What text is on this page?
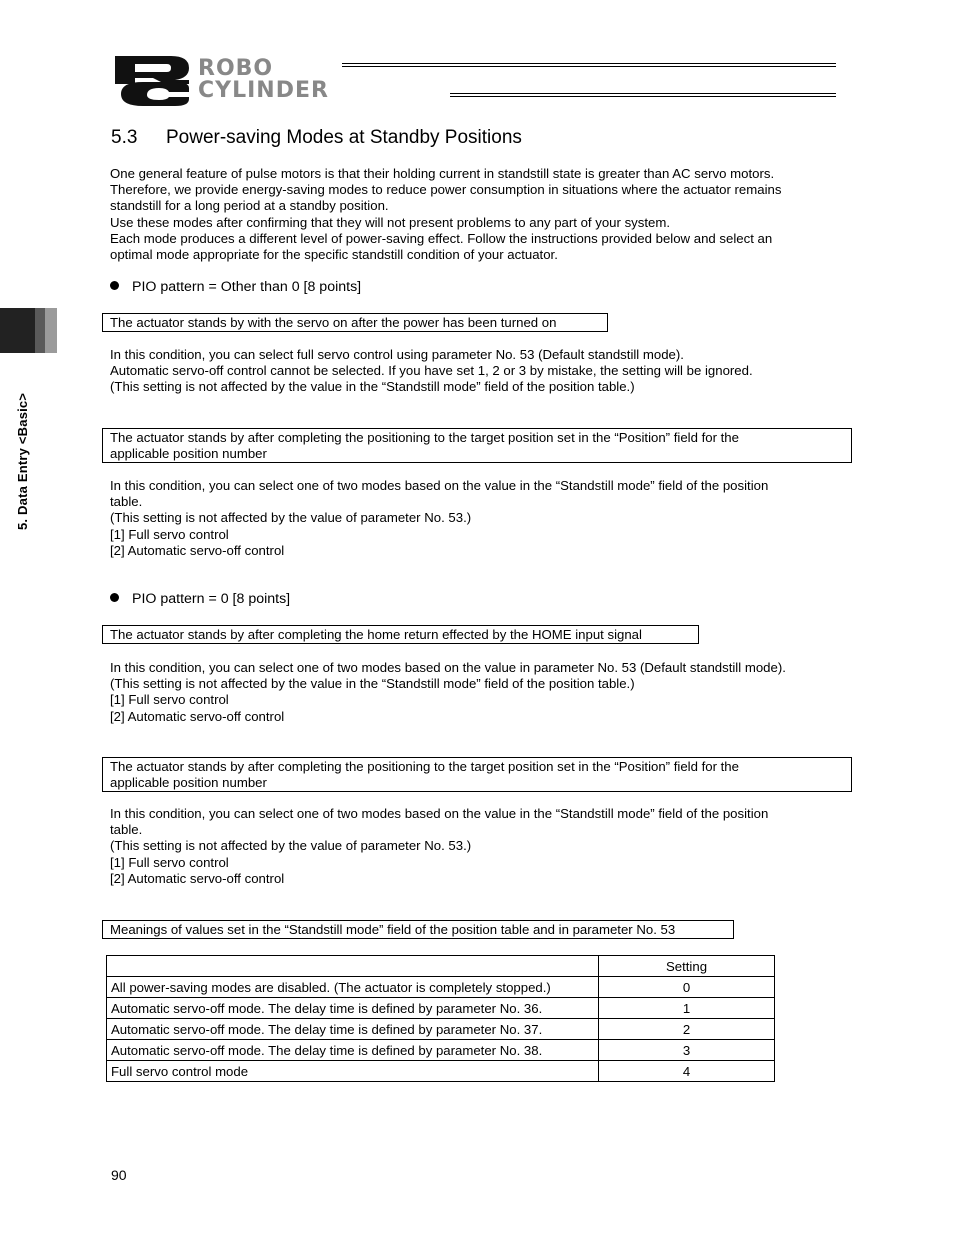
ROBO
CYLINDER
5. Data Entry <Basic>
5.3 Power-saving Modes at Standby Positions
One general feature of pulse motors is that their holding current in standstill state is greater than AC servo motors.
Therefore, we provide energy-saving modes to reduce power consumption in situations where the actuator remains
standstill for a long period at a standby position.
Use these modes after confirming that they will not present problems to any part of your system.
Each mode produces a different level of power-saving effect. Follow the instructions provided below and select an
optimal mode appropriate for the specific standstill condition of your actuator.
PIO pattern = Other than 0 [8 points]
The actuator stands by with the servo on after the power has been turned on
In this condition, you can select full servo control using parameter No. 53 (Default standstill mode).
Automatic servo-off control cannot be selected. If you have set 1, 2 or 3 by mistake, the setting will be ignored.
(This setting is not affected by the value in the “Standstill mode” field of the position table.)
The actuator stands by after completing the positioning to the target position set in the “Position” field for the
applicable position number
In this condition, you can select one of two modes based on the value in the “Standstill mode” field of the position
table.
(This setting is not affected by the value of parameter No. 53.)
[1] Full servo control
[2] Automatic servo-off control
PIO pattern = 0 [8 points]
The actuator stands by after completing the home return effected by the HOME input signal
In this condition, you can select one of two modes based on the value in parameter No. 53 (Default standstill mode).
(This setting is not affected by the value in the “Standstill mode” field of the position table.)
[1] Full servo control
[2] Automatic servo-off control
The actuator stands by after completing the positioning to the target position set in the “Position” field for the
applicable position number
In this condition, you can select one of two modes based on the value in the “Standstill mode” field of the position
table.
(This setting is not affected by the value of parameter No. 53.)
[1] Full servo control
[2] Automatic servo-off control
Meanings of values set in the “Standstill mode” field of the position table and in parameter No. 53
	Setting
All power-saving modes are disabled. (The actuator is completely stopped.)	0
Automatic servo-off mode. The delay time is defined by parameter No. 36.	1
Automatic servo-off mode. The delay time is defined by parameter No. 37.	2
Automatic servo-off mode. The delay time is defined by parameter No. 38.	3
Full servo control mode	4
90
